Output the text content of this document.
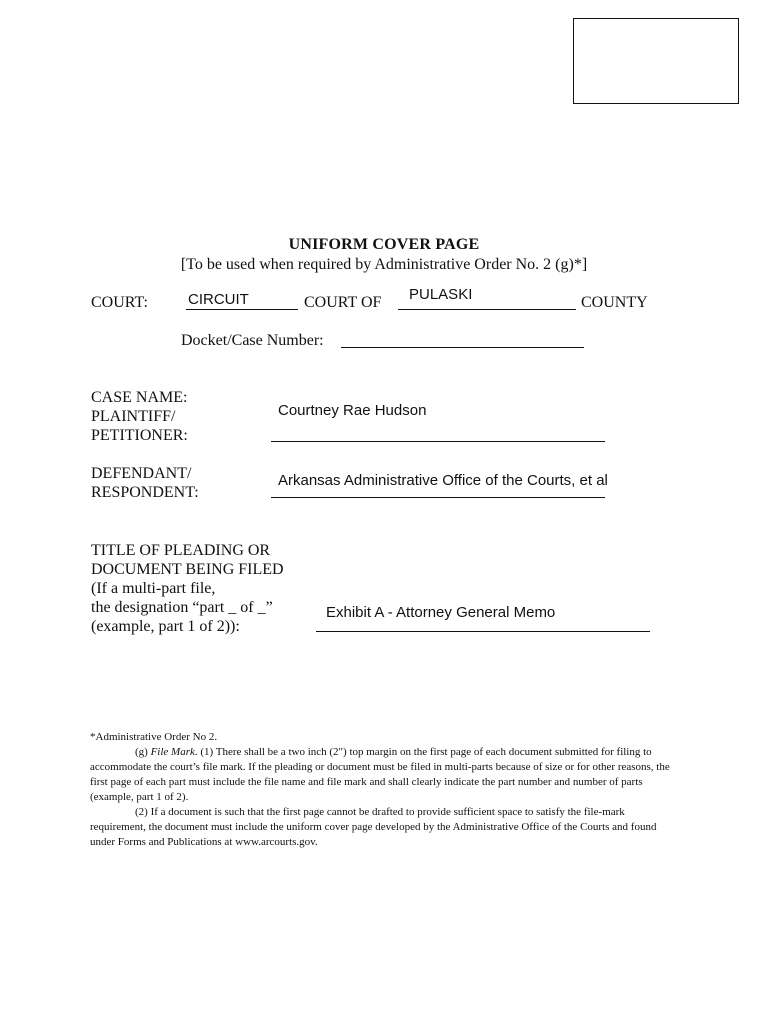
UNIFORM COVER PAGE
[To be used when required by Administrative Order No. 2 (g)*]
COURT:	CIRCUIT	COURT OF PULASKI	COUNTY
Docket/Case Number:
CASE NAME:
PLAINTIFF/
PETITIONER:
Courtney Rae Hudson
DEFENDANT/
RESPONDENT:
Arkansas Administrative Office of the Courts, et al
TITLE OF PLEADING OR
DOCUMENT BEING FILED
(If a multi-part file,
the designation “part _ of _”
(example, part 1 of 2)):
Exhibit A - Attorney General Memo

*Administrative Order No 2.

(g) File Mark. (1) There shall be a two inch (2") top margin on the first page of each document submitted for filing to accommodate the court’s file mark. If the pleading or document must be filed in multi-parts because of size or for other reasons, the first page of each part must include the file name and file mark and shall clearly indicate the part number and number of parts (example, part 1 of 2).

(2) If a document is such that the first page cannot be drafted to provide sufficient space to satisfy the file-mark requirement, the document must include the uniform cover page developed by the Administrative Office of the Courts and found under Forms and Publications at www.arcourts.gov.
